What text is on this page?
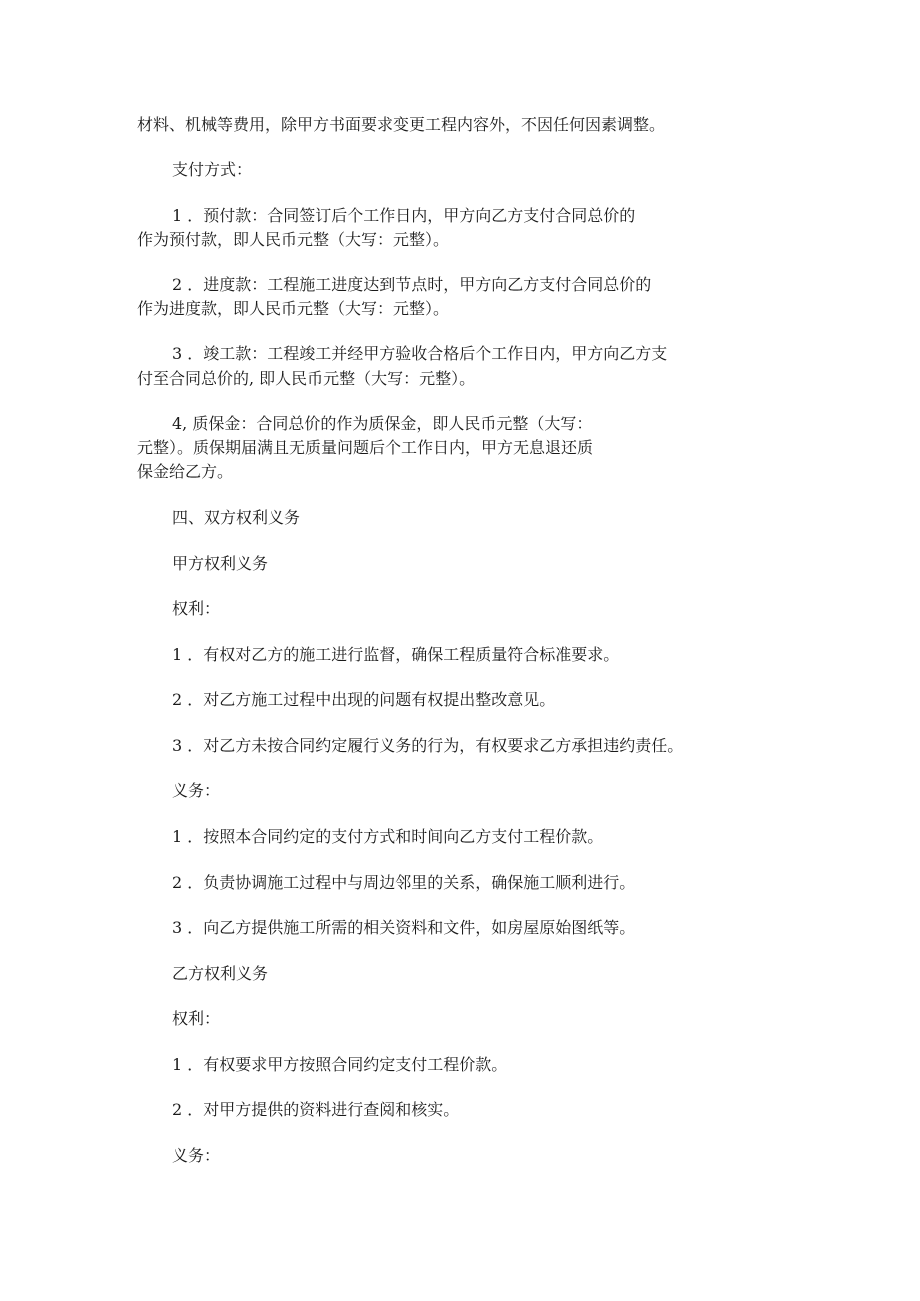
材料、机械等费用，除甲方书面要求变更工程内容外，不因任何因素调整。
支付方式：
1 ．预付款：合同签订后个工作日内，甲方向乙方支付合同总价的
作为预付款，即人民币元整（大写：元整）。
2 ．进度款：工程施工进度达到节点时，甲方向乙方支付合同总价的
作为进度款，即人民币元整（大写：元整）。
3 ．竣工款：工程竣工并经甲方验收合格后个工作日内，甲方向乙方支
付至合同总价的, 即人民币元整（大写：元整）。
4, 质保金：合同总价的作为质保金，即人民币元整（大写：
元整）。质保期届满且无质量问题后个工作日内，甲方无息退还质
保金给乙方。
四、双方权利义务
甲方权利义务
权利：
1 ．有权对乙方的施工进行监督，确保工程质量符合标准要求。
2 ．对乙方施工过程中出现的问题有权提出整改意见。
3 ．对乙方未按合同约定履行义务的行为，有权要求乙方承担违约责任。
义务：
1 ．按照本合同约定的支付方式和时间向乙方支付工程价款。
2 ．负责协调施工过程中与周边邻里的关系，确保施工顺利进行。
3 ．向乙方提供施工所需的相关资料和文件，如房屋原始图纸等。
乙方权利义务
权利：
1 ．有权要求甲方按照合同约定支付工程价款。
2 ．对甲方提供的资料进行查阅和核实。
义务：
